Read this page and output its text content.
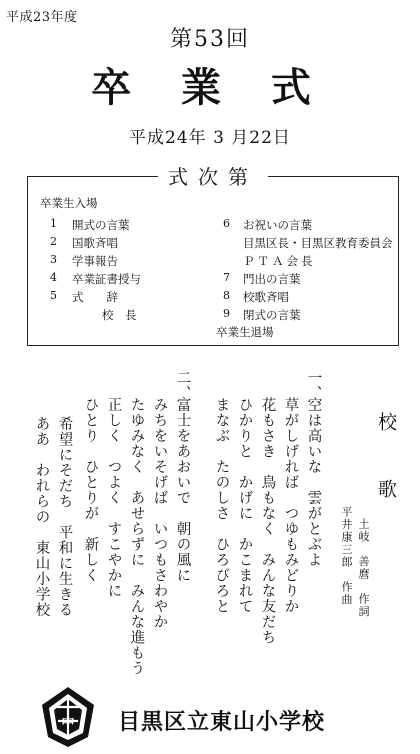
平成23年度
第53回
卒 業 式
平成24年 3 月22日
式次第
卒業生入場
1 開式の言葉
2 国歌斉唱
3 学事報告
4 卒業証書授与
5 式　　辞
校　長
6 お祝いの言葉
目黒区長・目黒区教育委員会
ＰＴＡ会長
7 門出の言葉
8 校歌斉唱
9 閉式の言葉
卒業生退場
校歌
土岐　善麿　作詞
平井康三郎　作曲
一、
空は高いな　雲がとぶよ
草がしげれば　つゆもみどりか
花もさき　鳥もなく　みんな友だち
ひかりと　かげに　かこまれて
まなぶ　たのしさ　ひろびろと
二、
富士をあおいで　朝の風に
みちをいそげば　いつもさわやか
たゆみなく　あせらずに　みんな進もう
正しく　つよく　すこやかに
ひとり　ひとりが　新しく
希望にそだち　平和に生きる
ああ　われらの　東山小学校
中 目黒区立東山小学校
